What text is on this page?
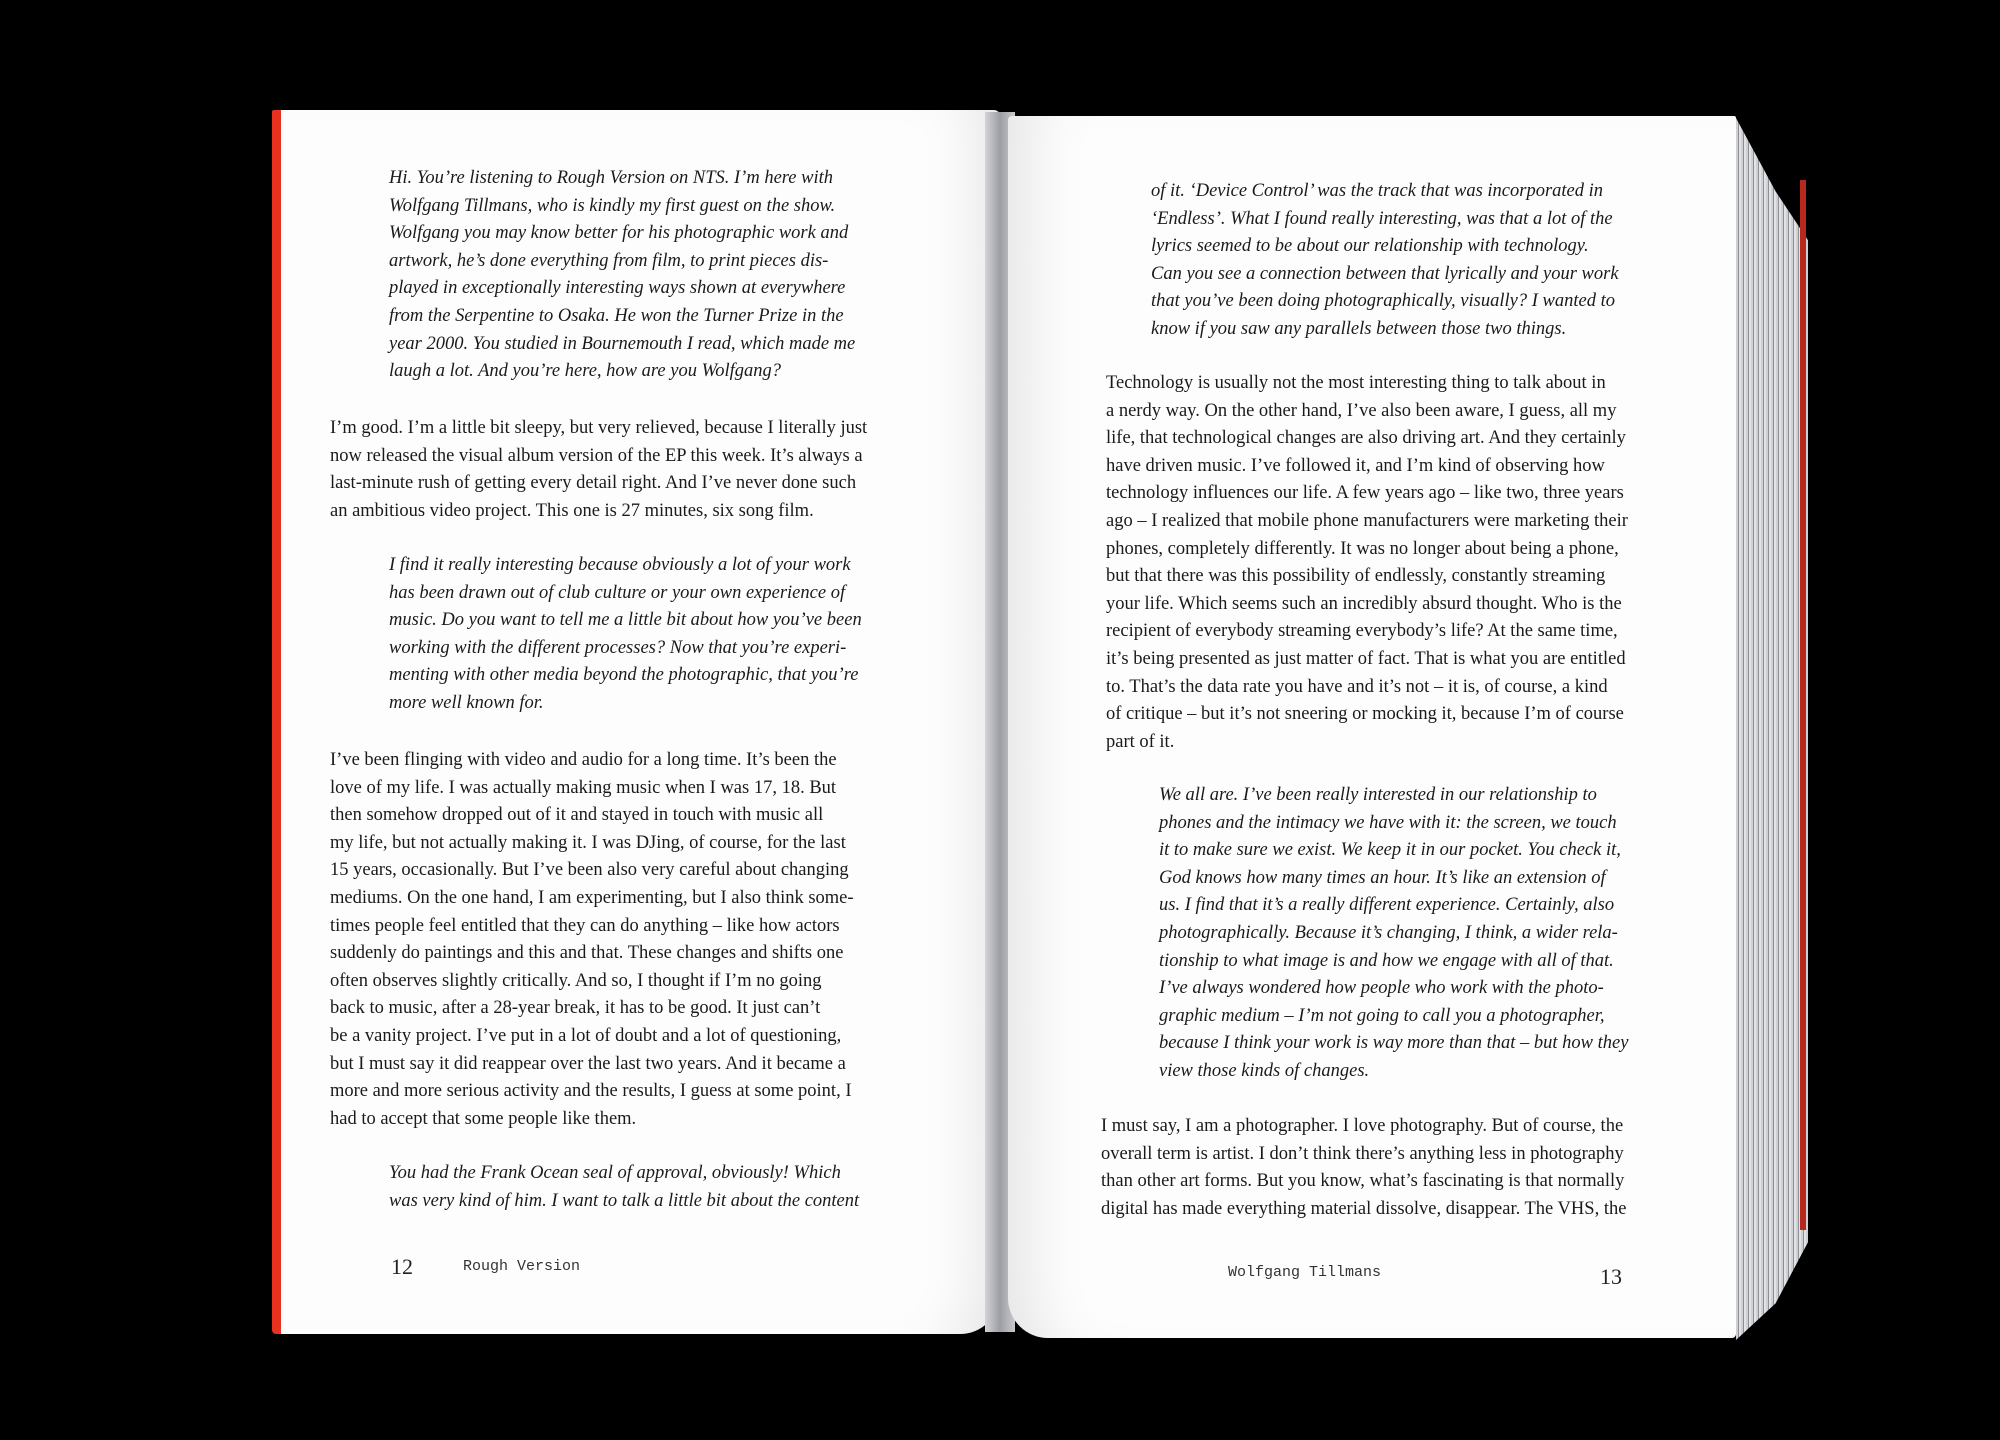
Hi. You’re listening to Rough Version on NTS. I’m here with
Wolfgang Tillmans, who is kindly my first guest on the show.
Wolfgang you may know better for his photographic work and
artwork, he’s done everything from film, to print pieces dis-
played in exceptionally interesting ways shown at everywhere
from the Serpentine to Osaka. He won the Turner Prize in the
year 2000. You studied in Bournemouth I read, which made me
laugh a lot. And you’re here, how are you Wolfgang?

I’m good. I’m a little bit sleepy, but very relieved, because I literally just
now released the visual album version of the EP this week. It’s always a
last-minute rush of getting every detail right. And I’ve never done such
an ambitious video project. This one is 27 minutes, six song film.

I find it really interesting because obviously a lot of your work
has been drawn out of club culture or your own experience of
music. Do you want to tell me a little bit about how you’ve been
working with the different processes? Now that you’re experi-
menting with other media beyond the photographic, that you’re
more well known for.

I’ve been flinging with video and audio for a long time. It’s been the
love of my life. I was actually making music when I was 17, 18. But
then somehow dropped out of it and stayed in touch with music all
my life, but not actually making it. I was DJing, of course, for the last
15 years, occasionally. But I’ve been also very careful about changing
mediums. On the one hand, I am experimenting, but I also think some-
times people feel entitled that they can do anything – like how actors
suddenly do paintings and this and that. These changes and shifts one
often observes slightly critically. And so, I thought if I’m no going
back to music, after a 28-year break, it has to be good. It just can’t
be a vanity project. I’ve put in a lot of doubt and a lot of questioning,
but I must say it did reappear over the last two years. And it became a
more and more serious activity and the results, I guess at some point, I
had to accept that some people like them.

You had the Frank Ocean seal of approval, obviously! Which
was very kind of him. I want to talk a little bit about the content

12	Rough Version

of it. ‘Device Control’ was the track that was incorporated in
‘Endless’. What I found really interesting, was that a lot of the
lyrics seemed to be about our relationship with technology.
Can you see a connection between that lyrically and your work
that you’ve been doing photographically, visually? I wanted to
know if you saw any parallels between those two things.

Technology is usually not the most interesting thing to talk about in
a nerdy way. On the other hand, I’ve also been aware, I guess, all my
life, that technological changes are also driving art. And they certainly
have driven music. I’ve followed it, and I’m kind of observing how
technology influences our life. A few years ago – like two, three years
ago – I realized that mobile phone manufacturers were marketing their
phones, completely differently. It was no longer about being a phone,
but that there was this possibility of endlessly, constantly streaming
your life. Which seems such an incredibly absurd thought. Who is the
recipient of everybody streaming everybody’s life? At the same time,
it’s being presented as just matter of fact. That is what you are entitled
to. That’s the data rate you have and it’s not – it is, of course, a kind
of critique – but it’s not sneering or mocking it, because I’m of course
part of it.

We all are. I’ve been really interested in our relationship to
phones and the intimacy we have with it: the screen, we touch
it to make sure we exist. We keep it in our pocket. You check it,
God knows how many times an hour. It’s like an extension of
us. I find that it’s a really different experience. Certainly, also
photographically. Because it’s changing, I think, a wider rela-
tionship to what image is and how we engage with all of that.
I’ve always wondered how people who work with the photo-
graphic medium – I’m not going to call you a photographer,
because I think your work is way more than that – but how they
view those kinds of changes.

I must say, I am a photographer. I love photography. But of course, the
overall term is artist. I don’t think there’s anything less in photography
than other art forms. But you know, what’s fascinating is that normally
digital has made everything material dissolve, disappear. The VHS, the

Wolfgang Tillmans	13
